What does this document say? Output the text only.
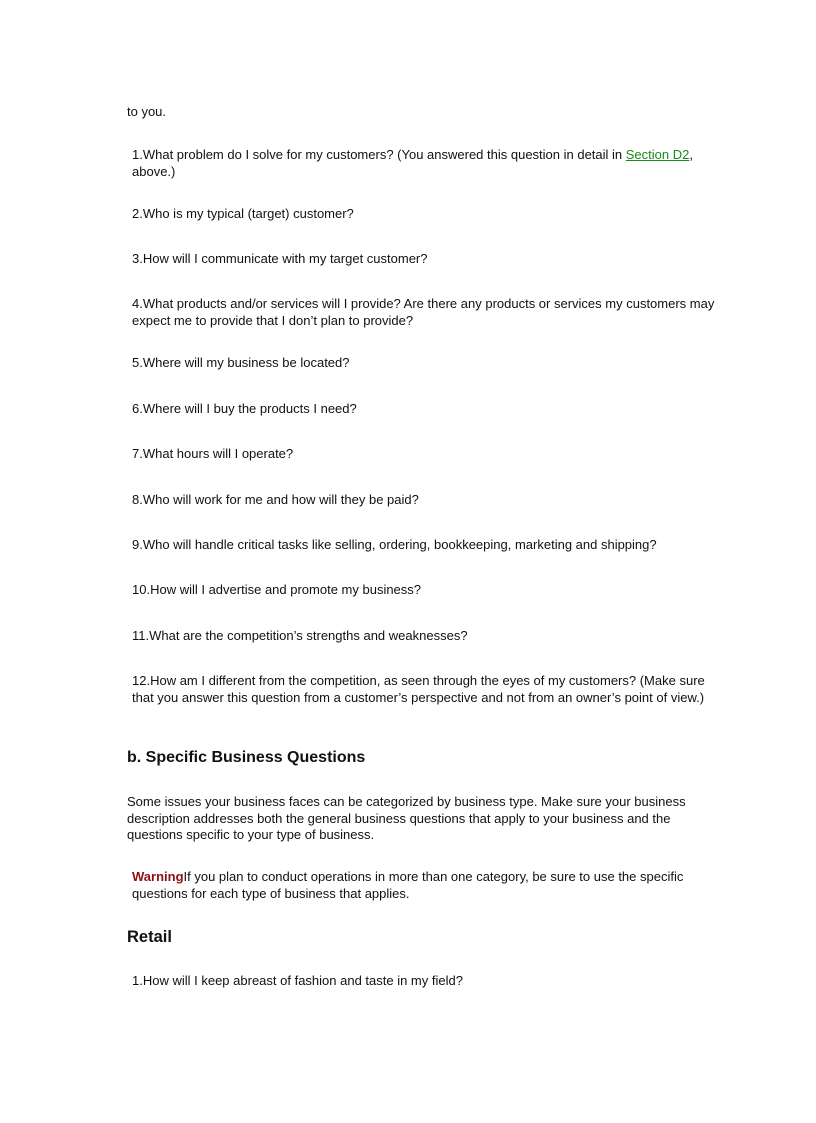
to you.

1.What problem do I solve for my customers? (You answered this question in detail in Section D2, above.)

2.Who is my typical (target) customer?

3.How will I communicate with my target customer?

4.What products and/or services will I provide? Are there any products or services my customers may expect me to provide that I don’t plan to provide?

5.Where will my business be located?

6.Where will I buy the products I need?

7.What hours will I operate?

8.Who will work for me and how will they be paid?

9.Who will handle critical tasks like selling, ordering, bookkeeping, marketing and shipping?

10.How will I advertise and promote my business?

11.What are the competition’s strengths and weaknesses?

12.How am I different from the competition, as seen through the eyes of my customers? (Make sure that you answer this question from a customer’s perspective and not from an owner’s point of view.)

b. Specific Business Questions

Some issues your business faces can be categorized by business type. Make sure your business description addresses both the general business questions that apply to your business and the questions specific to your type of business.

WarningIf you plan to conduct operations in more than one category, be sure to use the specific questions for each type of business that applies.

Retail

1.How will I keep abreast of fashion and taste in my field?
